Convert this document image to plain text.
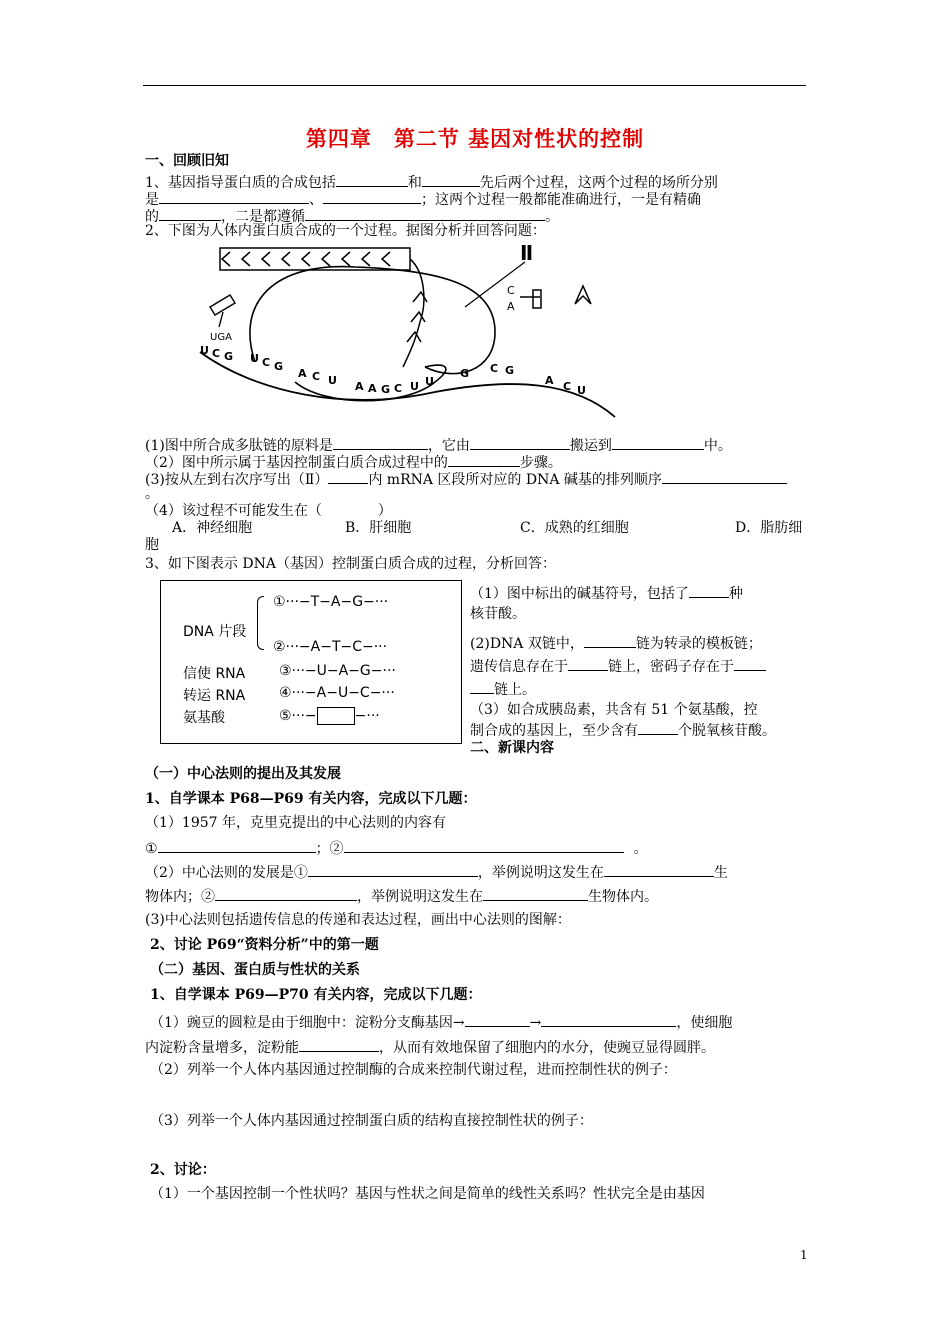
第四章　第二节 基因对性状的控制
一、回顾旧知
1、基因指导蛋白质的合成包括	和	先后两个过程，这两个过程的场所分别
是	、	；这两个过程一般都能准确进行，一是有精确
的	，二是都遵循	。
2、下图为人体内蛋白质合成的一个过程。据图分析并回答问题：
Ⅱ
C
A
UGA
U C G U C G
A C U A A G C U U
G C G
A C U
(1)图中所合成多肽链的原料是	，它由	搬运到	中。
（2）图中所示属于基因控制蛋白质合成过程中的	步骤。
(3)按从左到右次序写出（Ⅱ）	内 mRNA 区段所对应的 DNA 碱基的排列顺序
。
（4）该过程不可能发生在（　　　　）
A．神经细胞	B．肝细胞	C．成熟的红细胞	D．脂肪细
胞
3、如下图表示 DNA（基因）控制蛋白质合成的过程，分析回答：
DNA 片段
①···−T−A−G−···
②···−A−T−C−···
信使 RNA ③···−U−A−G−···
转运 RNA ④···−A−U−C−···
氨基酸	⑤···−	−···
（1）图中标出的碱基符号，包括了	种
核苷酸。
(2)DNA 双链中，	链为转录的模板链；
遗传信息存在于	链上，密码子存在于
链上。
（3）如合成胰岛素，共含有 51 个氨基酸，控
制合成的基因上，至少含有	个脱氧核苷酸。
二、新课内容
（一）中心法则的提出及其发展
1、自学课本 P68—P69 有关内容，完成以下几题：
（1）1957 年，克里克提出的中心法则的内容有
①	；②	。
（2）中心法则的发展是①	，举例说明这发生在	生
物体内；②	，举例说明这发生在	生物体内。
(3)中心法则包括遗传信息的传递和表达过程，画出中心法则的图解：
2、讨论 P69“资料分析”中的第一题
（二）基因、蛋白质与性状的关系
1、自学课本 P69—P70 有关内容，完成以下几题：
（1）豌豆的圆粒是由于细胞中：淀粉分支酶基因→	→	，使细胞
内淀粉含量增多，淀粉能	，从而有效地保留了细胞内的水分，使豌豆显得圆胖。
（2）列举一个人体内基因通过控制酶的合成来控制代谢过程，进而控制性状的例子：
（3）列举一个人体内基因通过控制蛋白质的结构直接控制性状的例子：
2、讨论：
（1）一个基因控制一个性状吗？基因与性状之间是简单的线性关系吗？性状完全是由基因
1
